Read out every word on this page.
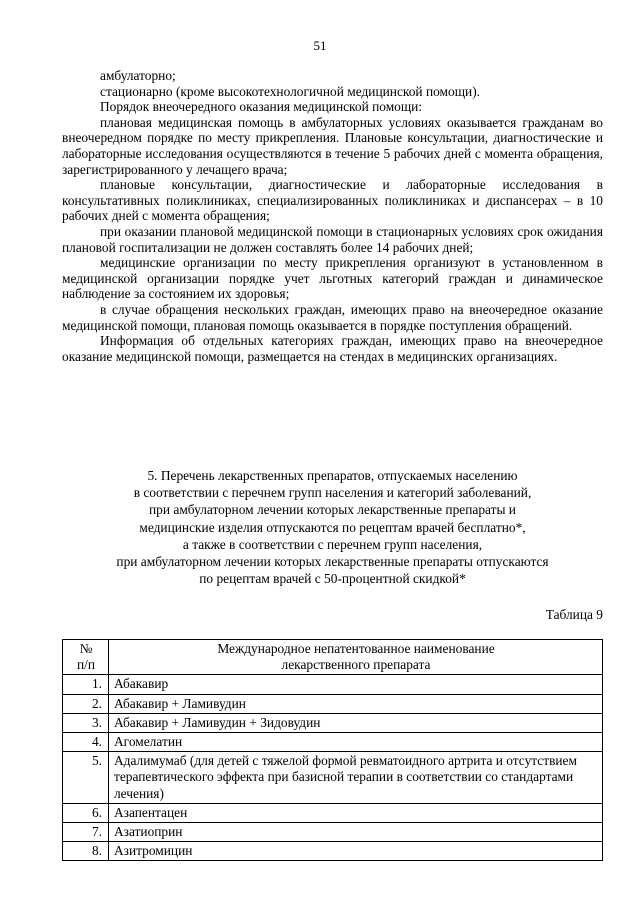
51

амбулаторно;

стационарно (кроме высокотехнологичной медицинской помощи).

Порядок внеочередного оказания медицинской помощи:

плановая медицинская помощь в амбулаторных условиях оказывается гражданам во внеочередном порядке по месту прикрепления. Плановые консультации, диагностические и лабораторные исследования осуществляются в течение 5 рабочих дней с момента обращения, зарегистрированного у лечащего врача;

плановые консультации, диагностические и лабораторные исследования в консультативных поликлиниках, специализированных поликлиниках и диспансерах – в 10 рабочих дней с момента обращения;

при оказании плановой медицинской помощи в стационарных условиях срок ожидания плановой госпитализации не должен составлять более 14 рабочих дней;

медицинские организации по месту прикрепления организуют в установленном в медицинской организации порядке учет льготных категорий граждан и динамическое наблюдение за состоянием их здоровья;

в случае обращения нескольких граждан, имеющих право на внеочередное оказание медицинской помощи, плановая помощь оказывается в порядке поступления обращений.

Информация об отдельных категориях граждан, имеющих право на внеочередное оказание медицинской помощи, размещается на стендах в медицинских организациях.

5. Перечень лекарственных препаратов, отпускаемых населению
в соответствии с перечнем групп населения и категорий заболеваний,
при амбулаторном лечении которых лекарственные препараты и
медицинские изделия отпускаются по рецептам врачей бесплатно*,
а также в соответствии с перечнем групп населения,
при амбулаторном лечении которых лекарственные препараты отпускаются
по рецептам врачей с 50-процентной скидкой*
Таблица 9
№
п/п	Международное непатентованное наименование
лекарственного препарата
1.	Абакавир
2.	Абакавир + Ламивудин
3.	Абакавир + Ламивудин + Зидовудин
4.	Агомелатин
5.	Адалимумаб (для детей с тяжелой формой ревматоидного артрита и отсутствием терапевтического эффекта при базисной терапии в соответствии со стандартами лечения)
6.	Азапентацен
7.	Азатиоприн
8.	Азитромицин
